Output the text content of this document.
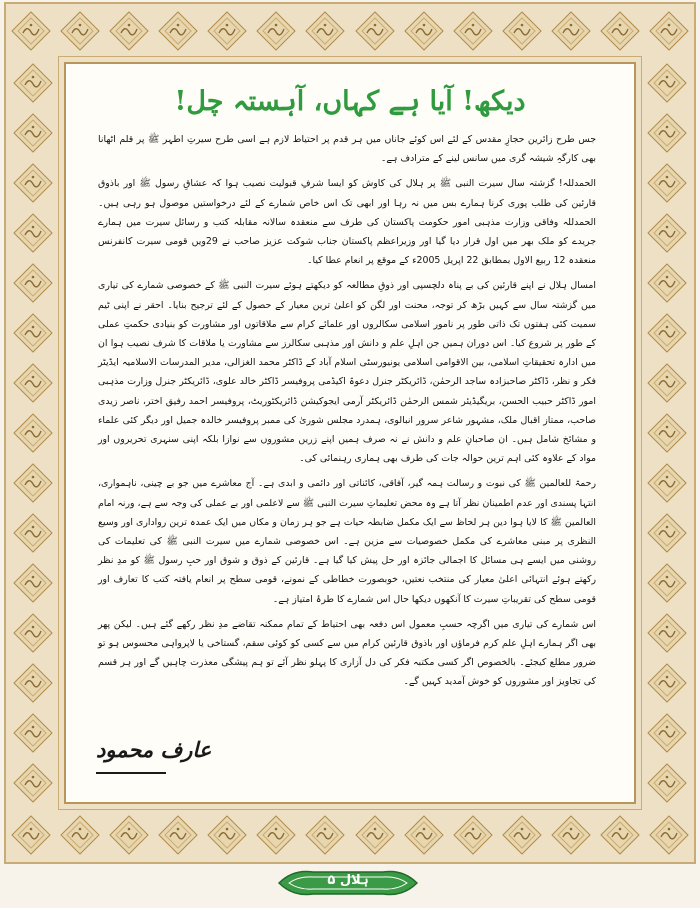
دیکھ! آیا ہے کہاں، آہستہ چل!

جس طرح زائرین حجازِ مقدس کے لئے اس کوئے جاناں میں ہر قدم پر احتیاط لازم ہے اسی طرح سیرتِ اطہر ﷺ پر قلم اٹھانا بھی کارگہِ شیشہ گری میں سانس لینے کے مترادف ہے۔

الحمدللہ! گزشتہ سال سیرت النبی ﷺ پر ہلال کی کاوش کو ایسا شرفِ قبولیت نصیب ہوا کہ عشاقِ رسول ﷺ اور باذوق قارئین کی طلب پوری کرنا ہمارے بس میں نہ رہا اور ابھی تک اس خاص شمارے کے لئے درخواستیں موصول ہو رہی ہیں۔ الحمدللہ وفاقی وزارت مذہبی امور حکومت پاکستان کی طرف سے منعقدہ سالانہ مقابلہ کتب و رسائل سیرت میں ہمارے جریدے کو ملک بھر میں اول قرار دیا گیا اور وزیراعظم پاکستان جناب شوکت عزیز صاحب نے 29ویں قومی سیرت کانفرنس منعقدہ 12 ربیع الاول بمطابق 22 اپریل 2005ء کے موقع پر انعام عطا کیا۔

امسال ہلال نے اپنے قارئین کی بے پناہ دلچسپی اور ذوقِ مطالعہ کو دیکھتے ہوئے سیرت النبی ﷺ کے خصوصی شمارے کی تیاری میں گزشتہ سال سے کہیں بڑھ کر توجہ، محنت اور لگن کو اعلیٰ ترین معیار کے حصول کے لئے ترجیح بنایا۔ احقر نے اپنی ٹیم سمیت کئی ہفتوں تک ذاتی طور پر نامور اسلامی سکالروں اور علمائے کرام سے ملاقاتوں اور مشاورت کو بنیادی حکمتِ عملی کے طور پر شروع کیا۔ اس دوران ہمیں جن اہلِ علم و دانش اور مذہبی سکالرز سے مشاورت یا ملاقات کا شرف نصیب ہوا ان میں ادارہ تحقیقاتِ اسلامی، بین الاقوامی اسلامی یونیورسٹی اسلام آباد کے ڈاکٹر محمد الغزالی، مدیر المدرسات الاسلامیہ ایڈیٹر فکر و نظر، ڈاکٹر صاحبزادہ ساجد الرحمٰن، ڈائریکٹر جنرل دعوۃ اکیڈمی پروفیسر ڈاکٹر خالد علوی، ڈائریکٹر جنرل وزارت مذہبی امور ڈاکٹر حبیب الحسن، بریگیڈیئر شمس الرحمٰن ڈائریکٹر آرمی ایجوکیشن ڈائریکٹوریٹ، پروفیسر احمد رفیق اختر، ناصر زیدی صاحب، ممتاز اقبال ملک، مشہور شاعر سرور انبالوی، ہمدرد مجلس شوریٰ کی ممبر پروفیسر خالدہ جمیل اور دیگر کئی علماء و مشائخ شامل ہیں۔ ان صاحبانِ علم و دانش نے نہ صرف ہمیں اپنے زریں مشوروں سے نوازا بلکہ اپنی سنہری تحریروں اور مواد کے علاوہ کئی اہم ترین حوالہ جات کی طرف بھی ہماری رہنمائی کی۔

رحمۃ للعالمین ﷺ کی نبوت و رسالت ہمہ گیر، آفاقی، کائناتی اور دائمی و ابدی ہے۔ آج معاشرے میں جو بے چینی، ناہمواری، انتہا پسندی اور عدم اطمینان نظر آتا ہے وہ محض تعلیماتِ سیرت النبی ﷺ سے لاعلمی اور بے عملی کی وجہ سے ہے، ورنہ امام العالمین ﷺ کا لایا ہوا دین ہر لحاظ سے ایک مکمل ضابطہ حیات ہے جو ہر زمان و مکاں میں ایک عمدہ ترین رواداری اور وسیع النظری پر مبنی معاشرے کی مکمل خصوصیات سے مزین ہے۔ اس خصوصی شمارے میں سیرت النبی ﷺ کی تعلیمات کی روشنی میں ایسے ہی مسائل کا اجمالی جائزہ اور حل پیش کیا گیا ہے۔ قارئین کے ذوق و شوق اور حبِ رسول ﷺ کو مدِ نظر رکھتے ہوئے انتہائی اعلیٰ معیار کی منتخب نعتیں، خوبصورت خطاطی کے نمونے، قومی سطح پر انعام یافتہ کتب کا تعارف اور قومی سطح کی تقریباتِ سیرت کا آنکھوں دیکھا حال اس شمارے کا طرۂ امتیاز ہے۔

اس شمارے کی تیاری میں اگرچہ حسبِ معمول اس دفعہ بھی احتیاط کے تمام ممکنہ تقاضے مدِ نظر رکھے گئے ہیں۔ لیکن پھر بھی اگر ہمارے اہلِ علم کرم فرماؤں اور باذوق قارئین کرام میں سے کسی کو کوئی سقم، گستاخی یا لاپرواہی محسوس ہو تو ضرور مطلع کیجئے۔ بالخصوص اگر کسی مکتبہ فکر کی دل آزاری کا پہلو نظر آئے تو ہم پیشگی معذرت چاہیں گے اور ہر قسم کی تجاویز اور مشوروں کو خوش آمدید کہیں گے۔

عارف محمود
ہلال ۵
